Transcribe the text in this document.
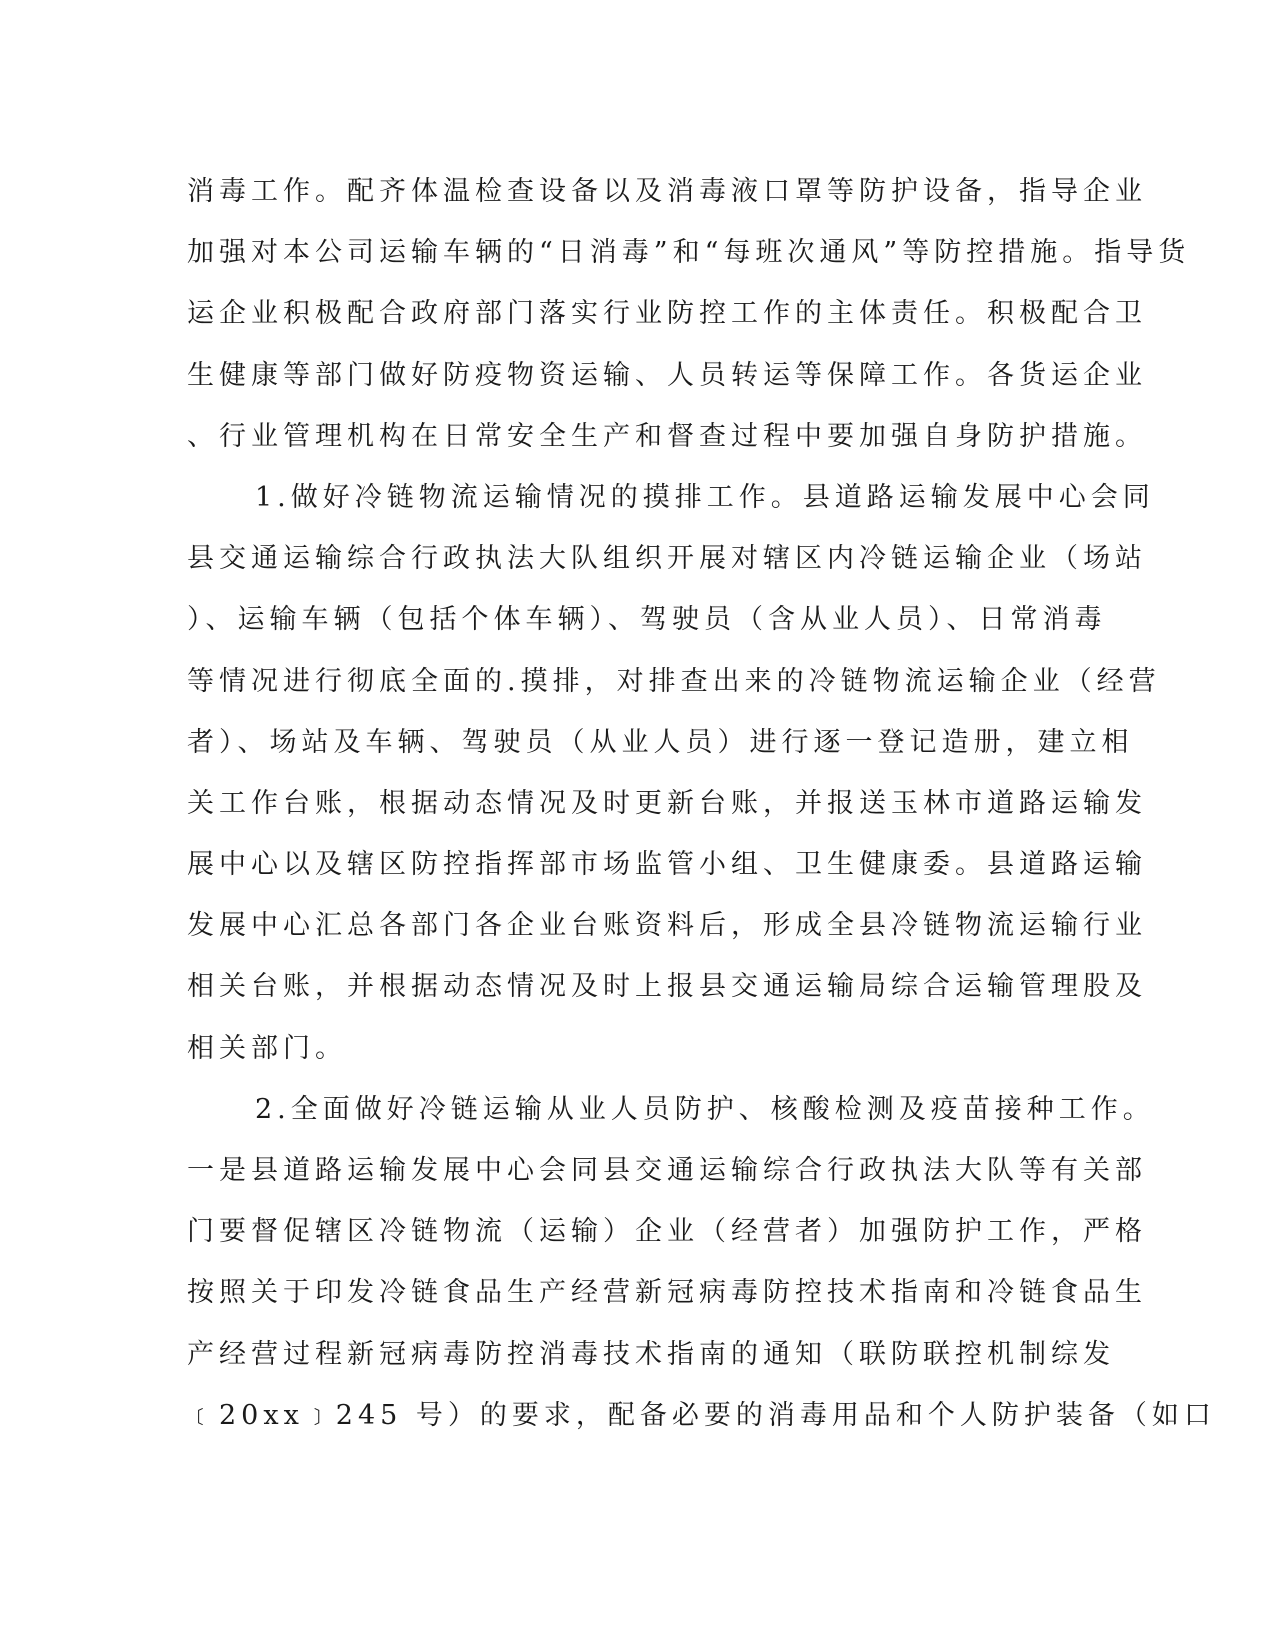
消毒工作。配齐体温检查设备以及消毒液口罩等防护设备，指导企业
加强对本公司运输车辆的“日消毒”和“每班次通风”等防控措施。指导货
运企业积极配合政府部门落实行业防控工作的主体责任。积极配合卫
生健康等部门做好防疫物资运输、人员转运等保障工作。各货运企业
、行业管理机构在日常安全生产和督查过程中要加强自身防护措施。
1.做好冷链物流运输情况的摸排工作。县道路运输发展中心会同
县交通运输综合行政执法大队组织开展对辖区内冷链运输企业（场站
）、运输车辆（包括个体车辆）、驾驶员（含从业人员）、日常消毒
等情况进行彻底全面的.摸排，对排查出来的冷链物流运输企业（经营
者）、场站及车辆、驾驶员（从业人员）进行逐一登记造册，建立相
关工作台账，根据动态情况及时更新台账，并报送玉林市道路运输发
展中心以及辖区防控指挥部市场监管小组、卫生健康委。县道路运输
发展中心汇总各部门各企业台账资料后，形成全县冷链物流运输行业
相关台账，并根据动态情况及时上报县交通运输局综合运输管理股及
相关部门。
2.全面做好冷链运输从业人员防护、核酸检测及疫苗接种工作。
一是县道路运输发展中心会同县交通运输综合行政执法大队等有关部
门要督促辖区冷链物流（运输）企业（经营者）加强防护工作，严格
按照关于印发冷链食品生产经营新冠病毒防控技术指南和冷链食品生
产经营过程新冠病毒防控消毒技术指南的通知（联防联控机制综发
﹝20xx﹞245 号）的要求，配备必要的消毒用品和个人防护装备（如口
